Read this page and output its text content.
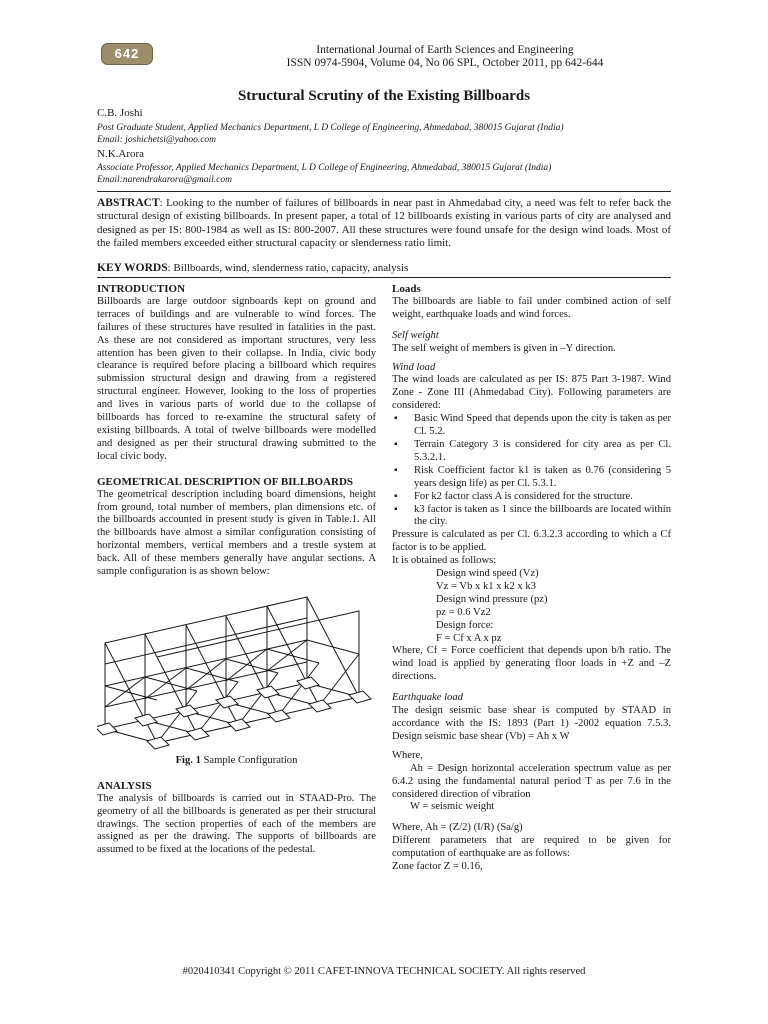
642	International Journal of Earth Sciences and Engineering
ISSN 0974-5904, Volume 04, No 06 SPL, October 2011, pp 642-644
Structural Scrutiny of the Existing Billboards
C.B. Joshi
Post Graduate Student, Applied Mechanics Department, L D College of Engineering, Ahmedabad, 380015 Gujarat (India)
Email: joshichetsi@yahoo.com
N.K.Arora
Associate Professor, Applied Mechanics Department, L D College of Engineering, Ahmedabad, 380015 Gujarat (India)
Email:narendrakarora@gmail.com
ABSTRACT: Looking to the number of failures of billboards in near past in Ahmedabad city, a need was felt to refer back the structural design of existing billboards. In present paper, a total of 12 billboards existing in various parts of city are analysed and designed as per IS: 800-1984 as well as IS: 800-2007. All these structures were found unsafe for the design wind loads. Most of the failed members exceeded either structural capacity or slenderness ratio limit.
KEY WORDS: Billboards, wind, slenderness ratio, capacity, analysis
INTRODUCTION
Billboards are large outdoor signboards kept on ground and terraces of buildings and are vulnerable to wind forces. The failures of these structures have resulted in fatalities in the past. As these are not considered as important structures, very less attention has been given to their collapse. In India, civic body clearance is required before placing a billboard which requires submission structural design and drawing from a registered structural engineer. However, looking to the loss of properties and lives in various parts of world due to the collapse of billboards has forced to re-examine the structural safety of existing billboards. A total of twelve billboards were modelled and designed as per their structural drawing submitted to the local civic body.
GEOMETRICAL DESCRIPTION OF BILLBOARDS
The geometrical description including board dimensions, height from ground, total number of members, plan dimensions etc. of the billboards accounted in present study is given in Table.1. All the billboards have almost a similar configuration consisting of horizontal members, vertical members and a trestle system at back. All of these members generally have angular sections. A sample configuration is as shown below:
Fig. 1 Sample Configuration
ANALYSIS
The analysis of billboards is carried out in STAAD-Pro. The geometry of all the billboards is generated as per their structural drawings. The section properties of each of the members are assigned as per the drawing. The supports of billboards are assumed to be fixed at the locations of the pedestal.
Loads
The billboards are liable to fail under combined action of self weight, earthquake loads and wind forces.
Self weight
The self weight of members is given in –Y direction.
Wind load
The wind loads are calculated as per IS: 875 Part 3-1987. Wind Zone - Zone III (Ahmedabad City). Following parameters are considered:
▪ Basic Wind Speed that depends upon the city is taken as per Cl. 5.2.
▪ Terrain Category 3 is considered for city area as per Cl. 5.3.2.1.
▪ Risk Coefficient factor k1 is taken as 0.76 (considering 5 years design life) as per Cl. 5.3.1.
▪ For k2 factor class A is considered for the structure.
▪ k3 factor is taken as 1 since the billboards are located within the city.
Pressure is calculated as per Cl. 6.3.2.3 according to which a Cf factor is to be applied.
It is obtained as follows:
Design wind speed (Vz)
Vz = Vb x k1 x k2 x k3
Design wind pressure (pz)
pz = 0.6 Vz2
Design force:
F = Cf x A x pz
Where, Cf = Force coefficient that depends upon b/h ratio. The wind load is applied by generating floor loads in +Z and –Z directions.
Earthquake load
The design seismic base shear is computed by STAAD in accordance with the IS: 1893 (Part 1) -2002 equation 7.5.3. Design seismic base shear (Vb) = Ah x W
Where,
Ah = Design horizontal acceleration spectrum value as per 6.4.2 using the fundamental natural period T as per 7.6 in the considered direction of vibration
W = seismic weight
Where, Ah = (Z/2) (I/R) (Sa/g)
Different parameters that are required to be given for computation of earthquake are as follows:
Zone factor Z = 0.16,
#020410341 Copyright © 2011 CAFET-INNOVA TECHNICAL SOCIETY. All rights reserved
